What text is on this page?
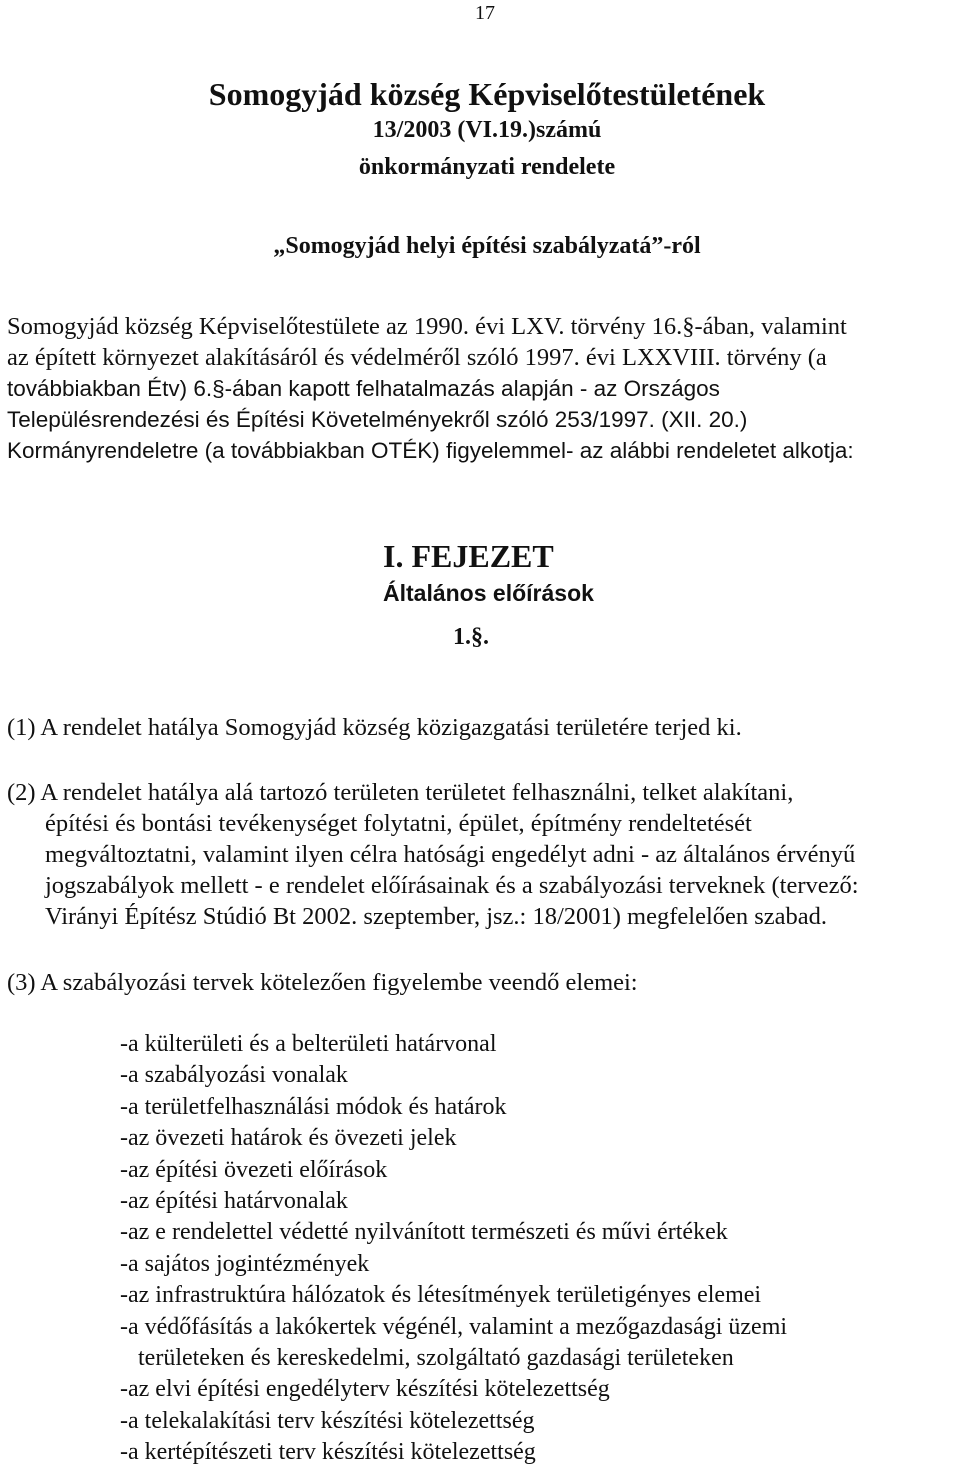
17
Somogyjád község Képviselőtestületének
13/2003 (VI.19.)számú
önkormányzati rendelete
„Somogyjád helyi építési szabályzatá”-ról
Somogyjád község Képviselőtestülete az 1990. évi LXV. törvény 16.§-ában, valamint
az épített környezet alakításáról és védelméről szóló 1997. évi LXXVIII. törvény (a
továbbiakban Étv) 6.§-ában kapott felhatalmazás alapján - az Országos
Településrendezési és Építési Követelményekről szóló 253/1997. (XII. 20.)
Kormányrendeletre (a továbbiakban OTÉK) figyelemmel- az alábbi rendeletet alkotja:
I. FEJEZET
Általános előírások
1.§.
(1) A rendelet hatálya Somogyjád község közigazgatási területére terjed ki.
(2) A rendelet hatálya alá tartozó területen területet felhasználni, telket alakítani,
építési és bontási tevékenységet folytatni, épület, építmény rendeltetését
megváltoztatni, valamint ilyen célra hatósági engedélyt adni - az általános érvényű
jogszabályok mellett - e rendelet előírásainak és a szabályozási terveknek (tervező:
Virányi Építész Stúdió Bt 2002. szeptember, jsz.: 18/2001) megfelelően szabad.
(3) A szabályozási tervek kötelezően figyelembe veendő elemei:
-a külterületi és a belterületi határvonal
-a szabályozási vonalak
-a területfelhasználási módok és határok
-az övezeti határok és övezeti jelek
-az építési övezeti előírások
-az építési határvonalak
-az e rendelettel védetté nyilvánított természeti és művi értékek
-a sajátos jogintézmények
-az infrastruktúra hálózatok és létesítmények területigényes elemei
-a védőfásítás a lakókertek végénél, valamint a mezőgazdasági üzemi
területeken és kereskedelmi, szolgáltató gazdasági területeken
-az elvi építési engedélyterv készítési kötelezettség
-a telekalakítási terv készítési kötelezettség
-a kertépítészeti terv készítési kötelezettség
